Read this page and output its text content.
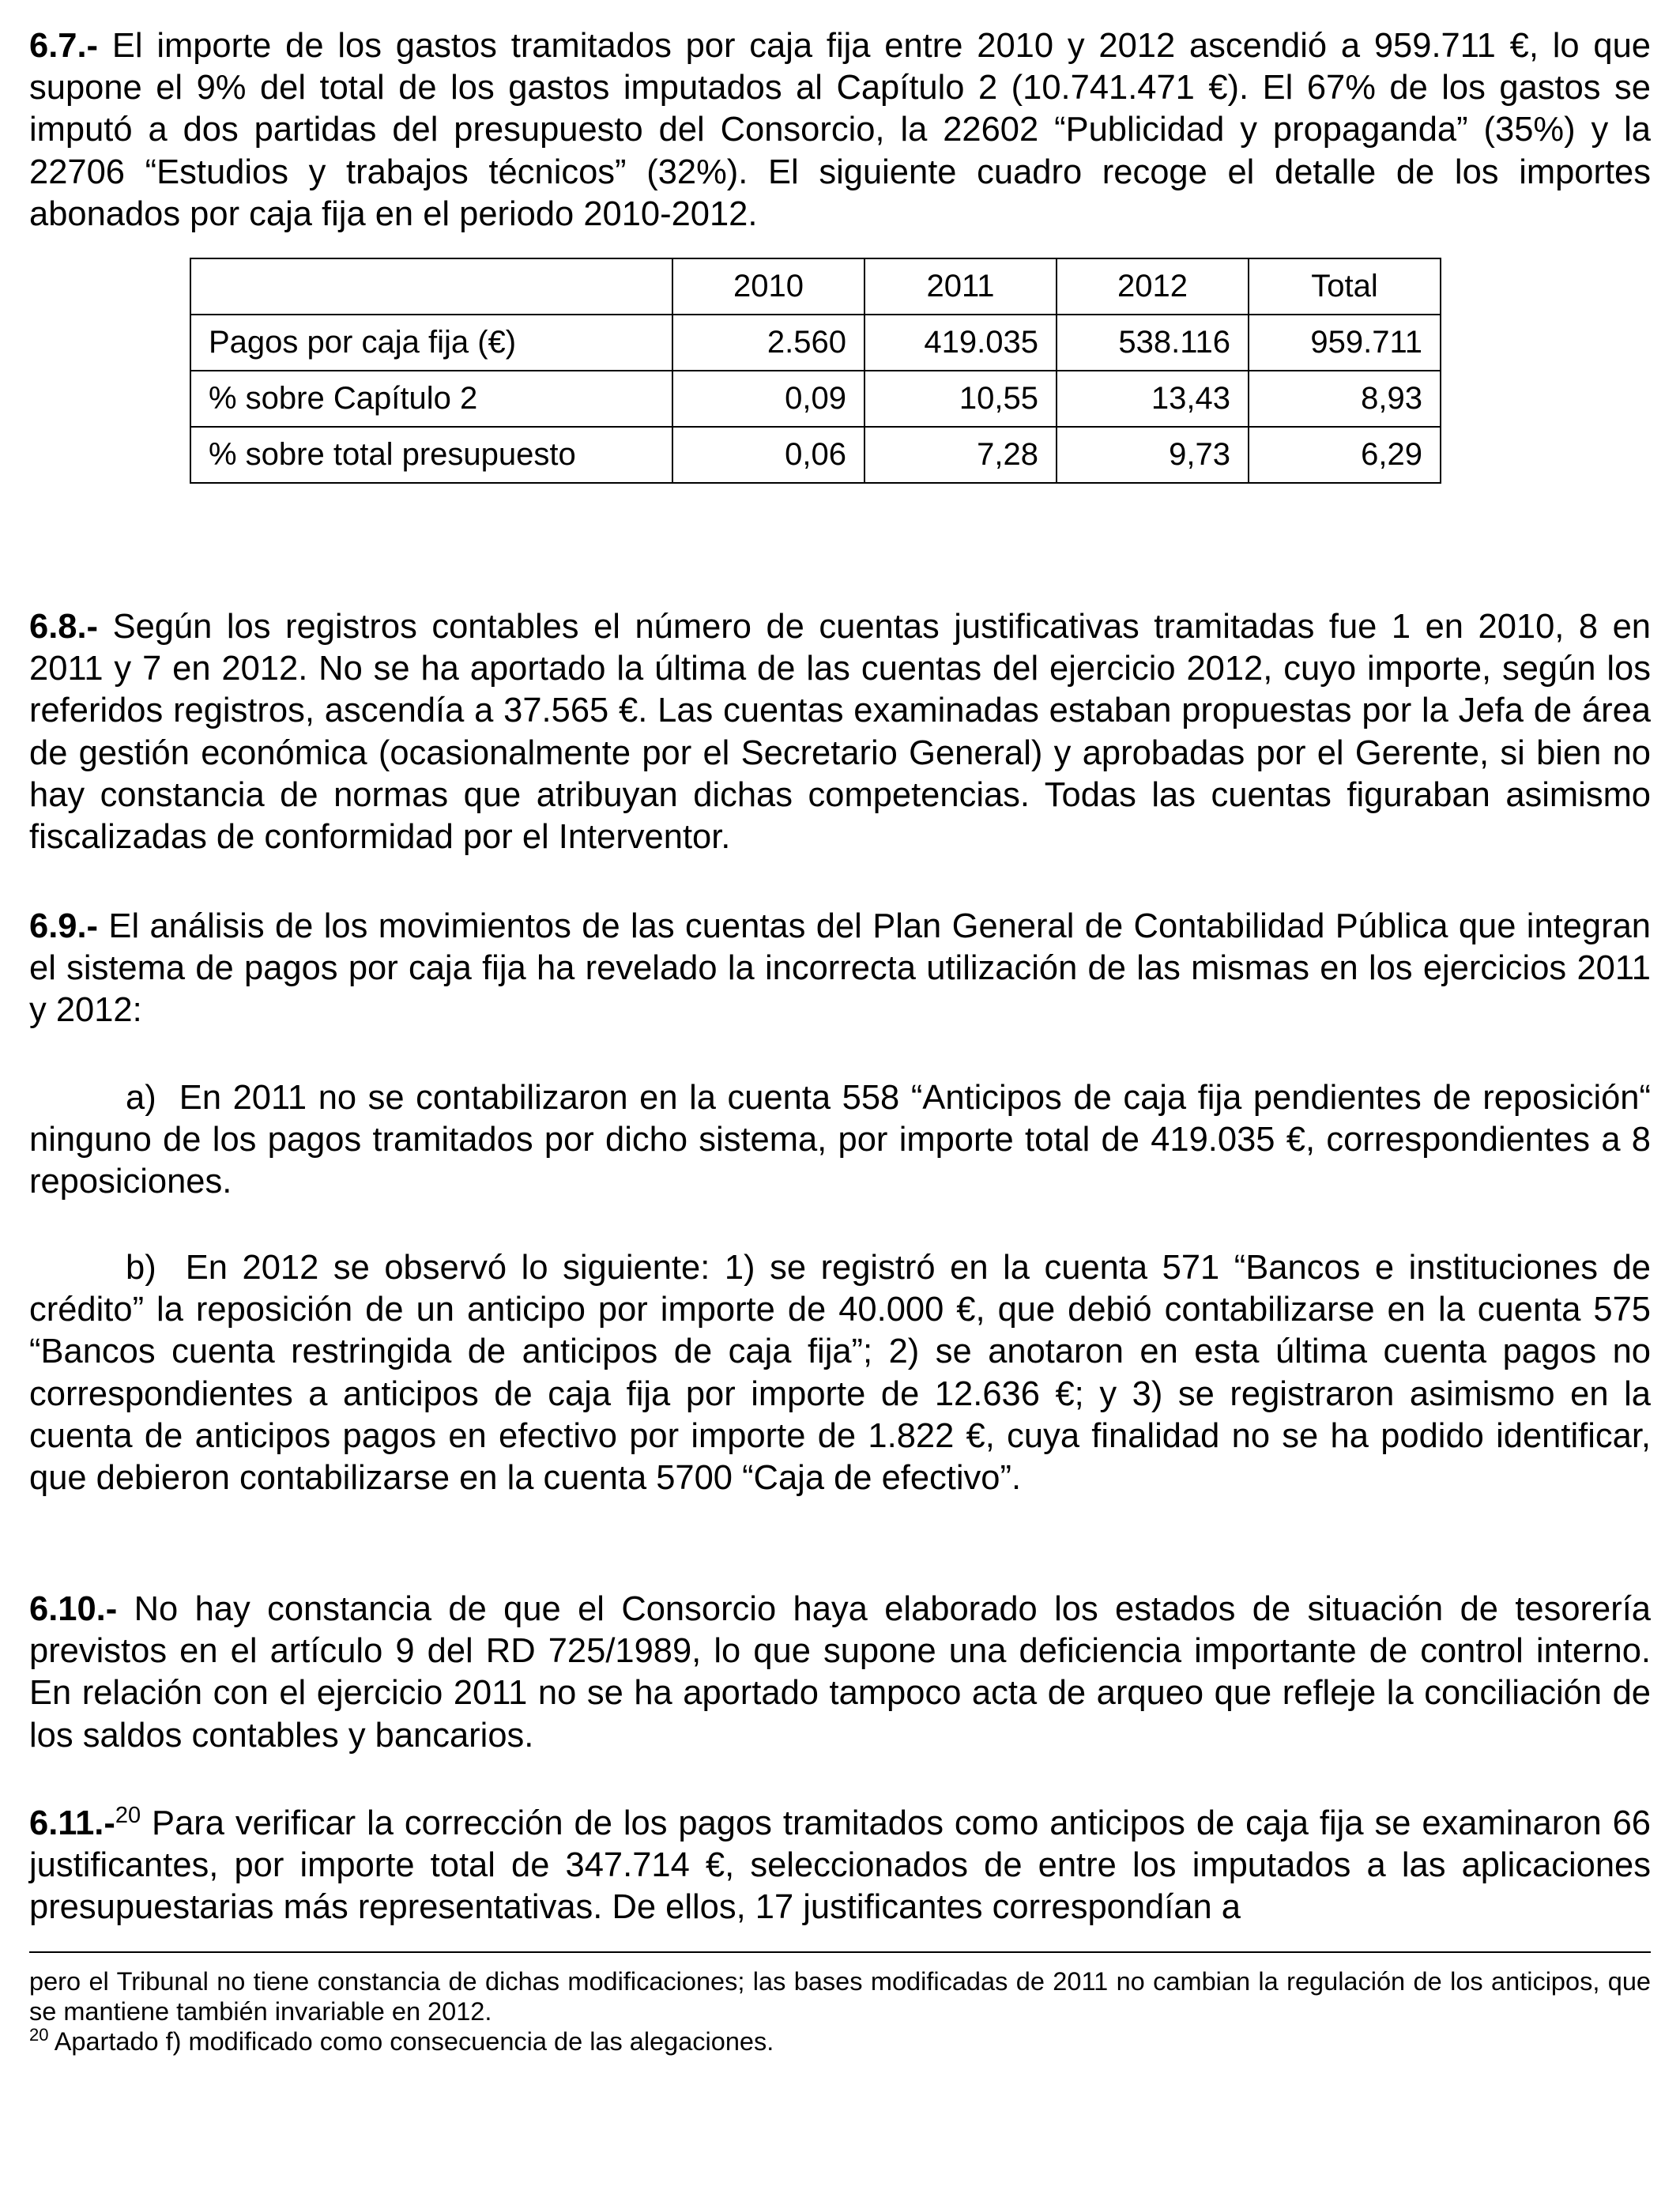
6.7.- El importe de los gastos tramitados por caja fija entre 2010 y 2012 ascendió a 959.711 €, lo que supone el 9% del total de los gastos imputados al Capítulo 2 (10.741.471 €). El 67% de los gastos se imputó a dos partidas del presupuesto del Consorcio, la 22602 “Publicidad y propaganda” (35%) y la 22706 “Estudios y trabajos técnicos” (32%). El siguiente cuadro recoge el detalle de los importes abonados por caja fija en el periodo 2010-2012.

6.8.- Según los registros contables el número de cuentas justificativas tramitadas fue 1 en 2010, 8 en 2011 y 7 en 2012. No se ha aportado la última de las cuentas del ejercicio 2012, cuyo importe, según los referidos registros, ascendía a 37.565 €. Las cuentas examinadas estaban propuestas por la Jefa de área de gestión económica (ocasionalmente por el Secretario General) y aprobadas por el Gerente, si bien no hay constancia de normas que atribuyan dichas competencias. Todas las cuentas figuraban asimismo fiscalizadas de conformidad por el Interventor.

6.9.- El análisis de los movimientos de las cuentas del Plan General de Contabilidad Pública que integran el sistema de pagos por caja fija ha revelado la incorrecta utilización de las mismas en los ejercicios 2011 y 2012:

a)  En 2011 no se contabilizaron en la cuenta 558 “Anticipos de caja fija pendientes de reposición“ ninguno de los pagos tramitados por dicho sistema, por importe total de 419.035 €, correspondientes a 8 reposiciones.

b)  En 2012 se observó lo siguiente: 1) se registró en la cuenta 571 “Bancos e instituciones de crédito” la reposición de un anticipo por importe de 40.000 €, que debió contabilizarse en la cuenta 575 “Bancos cuenta restringida de anticipos de caja fija”; 2) se anotaron en esta última cuenta pagos no correspondientes a anticipos de caja fija por importe de 12.636 €; y 3) se registraron asimismo en la cuenta de anticipos pagos en efectivo por importe de 1.822 €, cuya finalidad no se ha podido identificar, que debieron contabilizarse en la cuenta 5700 “Caja de efectivo”.

6.10.- No hay constancia de que el Consorcio haya elaborado los estados de situación de tesorería previstos en el artículo 9 del RD 725/1989, lo que supone una deficiencia importante de control interno. En relación con el ejercicio 2011 no se ha aportado tampoco acta de arqueo que refleje la conciliación de los saldos contables y bancarios.

6.11.-$^{20}$ Para verificar la corrección de los pagos tramitados como anticipos de caja fija se examinaron 66 justificantes, por importe total de 347.714 €, seleccionados de entre los imputados a las aplicaciones presupuestarias más representativas. De ellos, 17 justificantes correspondían a

	2010	2011	2012	Total
Pagos por caja fija (€)	2.560	419.035	538.116	959.711
% sobre Capítulo 2	0,09	10,55	13,43	8,93
% sobre total presupuesto	0,06	7,28	9,73	6,29

pero el Tribunal no tiene constancia de dichas modificaciones; las bases modificadas de 2011 no cambian la regulación de los anticipos, que se mantiene también invariable en 2012.

$^{20}$ Apartado f) modificado como consecuencia de las alegaciones.
